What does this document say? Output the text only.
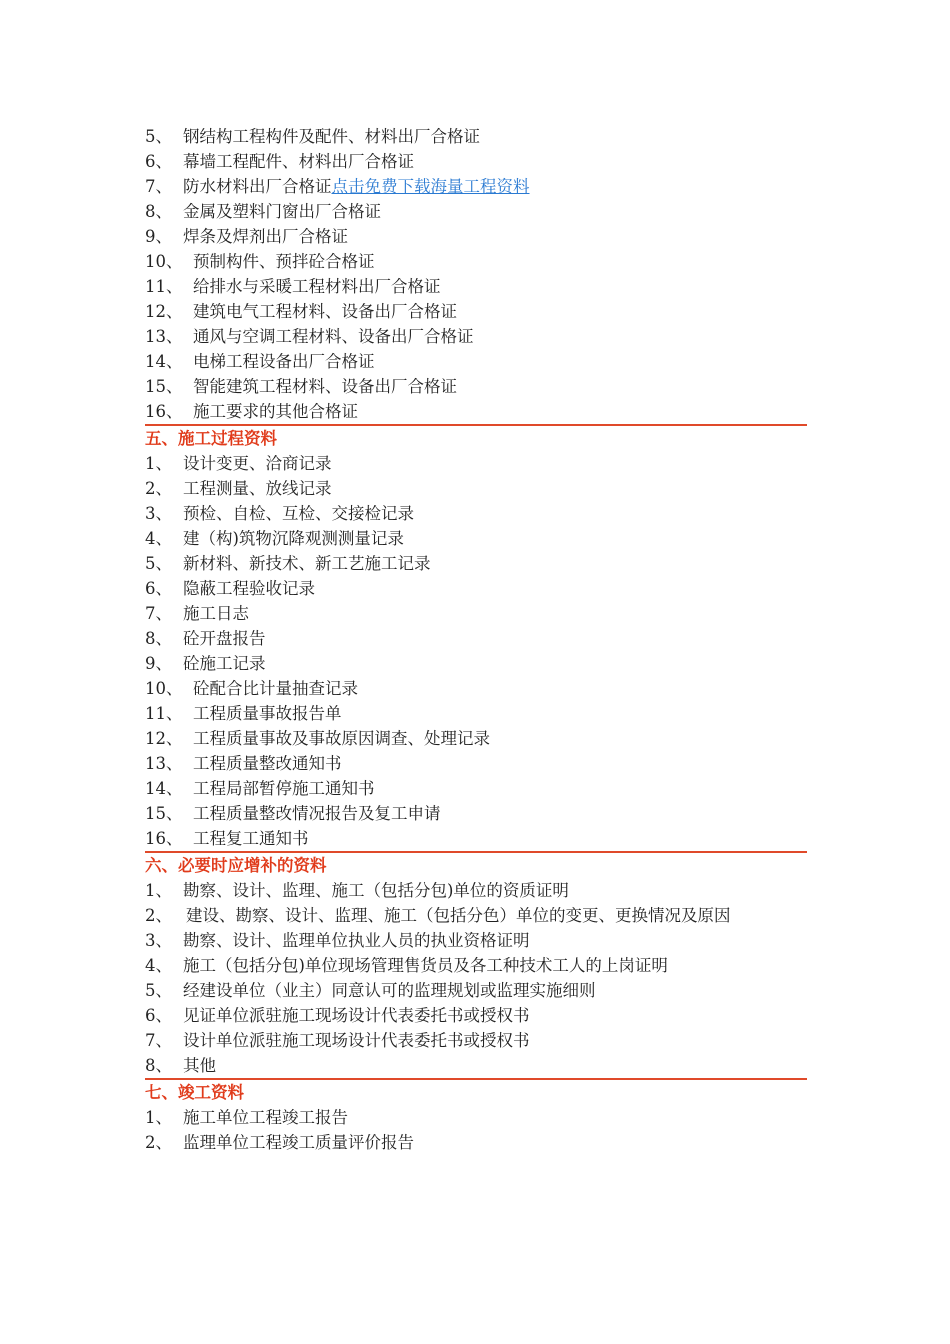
5、 钢结构工程构件及配件、材料出厂合格证
6、 幕墙工程配件、材料出厂合格证
7、 防水材料出厂合格证点击免费下载海量工程资料
8、 金属及塑料门窗出厂合格证
9、 焊条及焊剂出厂合格证
10、 预制构件、预拌砼合格证
11、 给排水与采暖工程材料出厂合格证
12、 建筑电气工程材料、设备出厂合格证
13、 通风与空调工程材料、设备出厂合格证
14、 电梯工程设备出厂合格证
15、 智能建筑工程材料、设备出厂合格证
16、 施工要求的其他合格证
五、施工过程资料
1、 设计变更、洽商记录
2、 工程测量、放线记录
3、 预检、自检、互检、交接检记录
4、 建（构)筑物沉降观测测量记录
5、 新材料、新技术、新工艺施工记录
6、 隐蔽工程验收记录
7、 施工日志
8、 砼开盘报告
9、 砼施工记录
10、 砼配合比计量抽查记录
11、 工程质量事故报告单
12、 工程质量事故及事故原因调查、处理记录
13、 工程质量整改通知书
14、 工程局部暂停施工通知书
15、 工程质量整改情况报告及复工申请
16、 工程复工通知书
六、必要时应增补的资料
1、 勘察、设计、监理、施工（包括分包)单位的资质证明
2、 建设、勘察、设计、监理、施工（包括分色）单位的变更、更换情况及原因
3、 勘察、设计、监理单位执业人员的执业资格证明
4、 施工（包括分包)单位现场管理售货员及各工种技术工人的上岗证明
5、 经建设单位（业主）同意认可的监理规划或监理实施细则
6、 见证单位派驻施工现场设计代表委托书或授权书
7、 设计单位派驻施工现场设计代表委托书或授权书
8、 其他
七、竣工资料
1、 施工单位工程竣工报告
2、 监理单位工程竣工质量评价报告
